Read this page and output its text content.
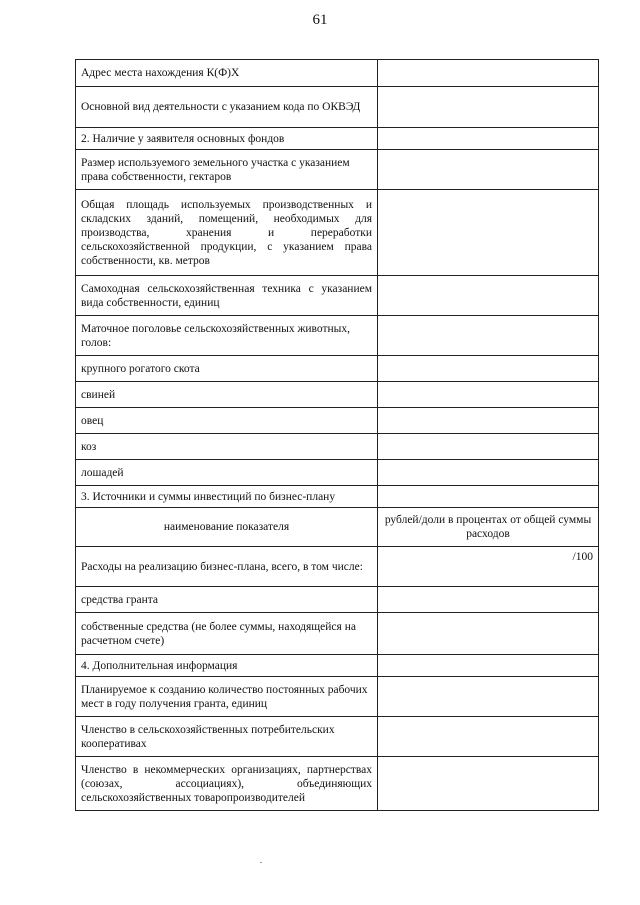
61
Адрес места нахождения К(Ф)Х	
Основной вид деятельности с указанием кода по ОКВЭД	
2. Наличие у заявителя основных фондов	
Размер используемого земельного участка с указанием права собственности, гектаров	
Общая площадь используемых производственных и складских зданий, помещений, необходимых для производства, хранения и переработки сельскохозяйственной продукции, с указанием права собственности, кв. метров	
Самоходная сельскохозяйственная техника с указанием вида собственности, единиц	
Маточное поголовье сельскохозяйственных животных, голов:	
крупного рогатого скота	
свиней	
овец	
коз	
лошадей	
3. Источники и суммы инвестиций по бизнес-плану	
наименование показателя	рублей/доли в процентах от общей суммы расходов
Расходы на реализацию бизнес-плана, всего, в том числе:	/100
средства гранта	
собственные средства (не более суммы, находящейся на расчетном счете)	
4. Дополнительная информация	
Планируемое к созданию количество постоянных рабочих мест в году получения гранта, единиц	
Членство в сельскохозяйственных потребительских кооперативах	
Членство в некоммерческих организациях, партнерствах (союзах, ассоциациях), объединяющих сельскохозяйственных товаропроизводителей	
